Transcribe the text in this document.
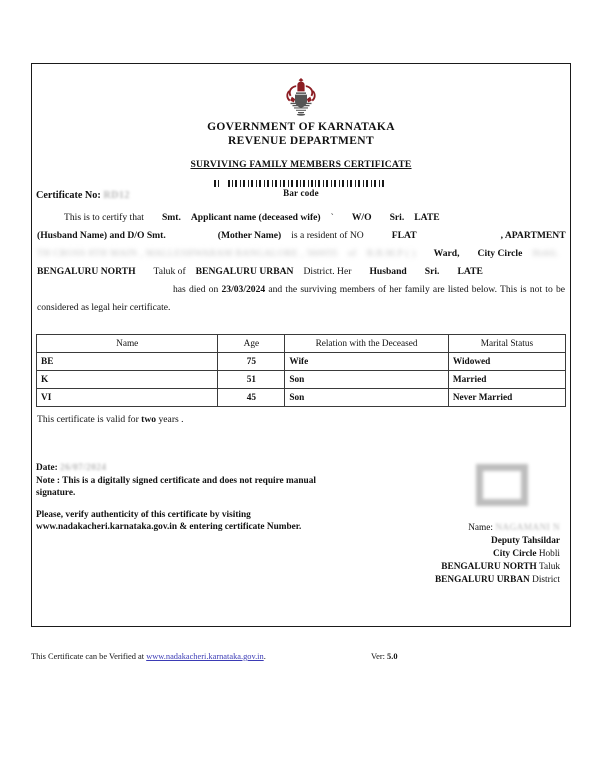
GOVERNMENT OF KARNATAKA
REVENUE DEPARTMENT
SURVIVING FAMILY MEMBERS CERTIFICATE
Bar code
Certificate No: RD12
This is to certify that Smt. Applicant name (deceased wife) ` W/O Sri. LATE
(Husband Name) and D/O Smt.	(Mother Name) is a resident of NO	FLAT	, APARTMENT
TH CROSS 8TH MAIN , MALLESHWARAM BANGALORE , 560055 of B.B.M.P ( ) Ward, City Circle Hobli.
BENGALURU NORTH Taluk of BENGALURU URBAN District. Her Husband Sri. LATE
has died on 23/03/2024 and the surviving members of her family are listed below. This is not to be considered as legal heir certificate.
Name	Age	Relation with the Deceased	Marital Status
BE	75	Wife	Widowed
K	51	Son	Married
VI	45	Son	Never Married
This certificate is valid for two years .
Date: 26/07/2024
Note : This is a digitally signed certificate and does not require manual
signature.
Please, verify authenticity of this certificate by visiting
www.nadakacheri.karnataka.gov.in & entering certificate Number.	Name: NAGAMANI N
Deputy Tahsildar
City Circle Hobli
BENGALURU NORTH Taluk
BENGALURU URBAN District
This Certificate can be Verified at www.nadakacheri.karnataka.gov.in.	Ver: 5.0
